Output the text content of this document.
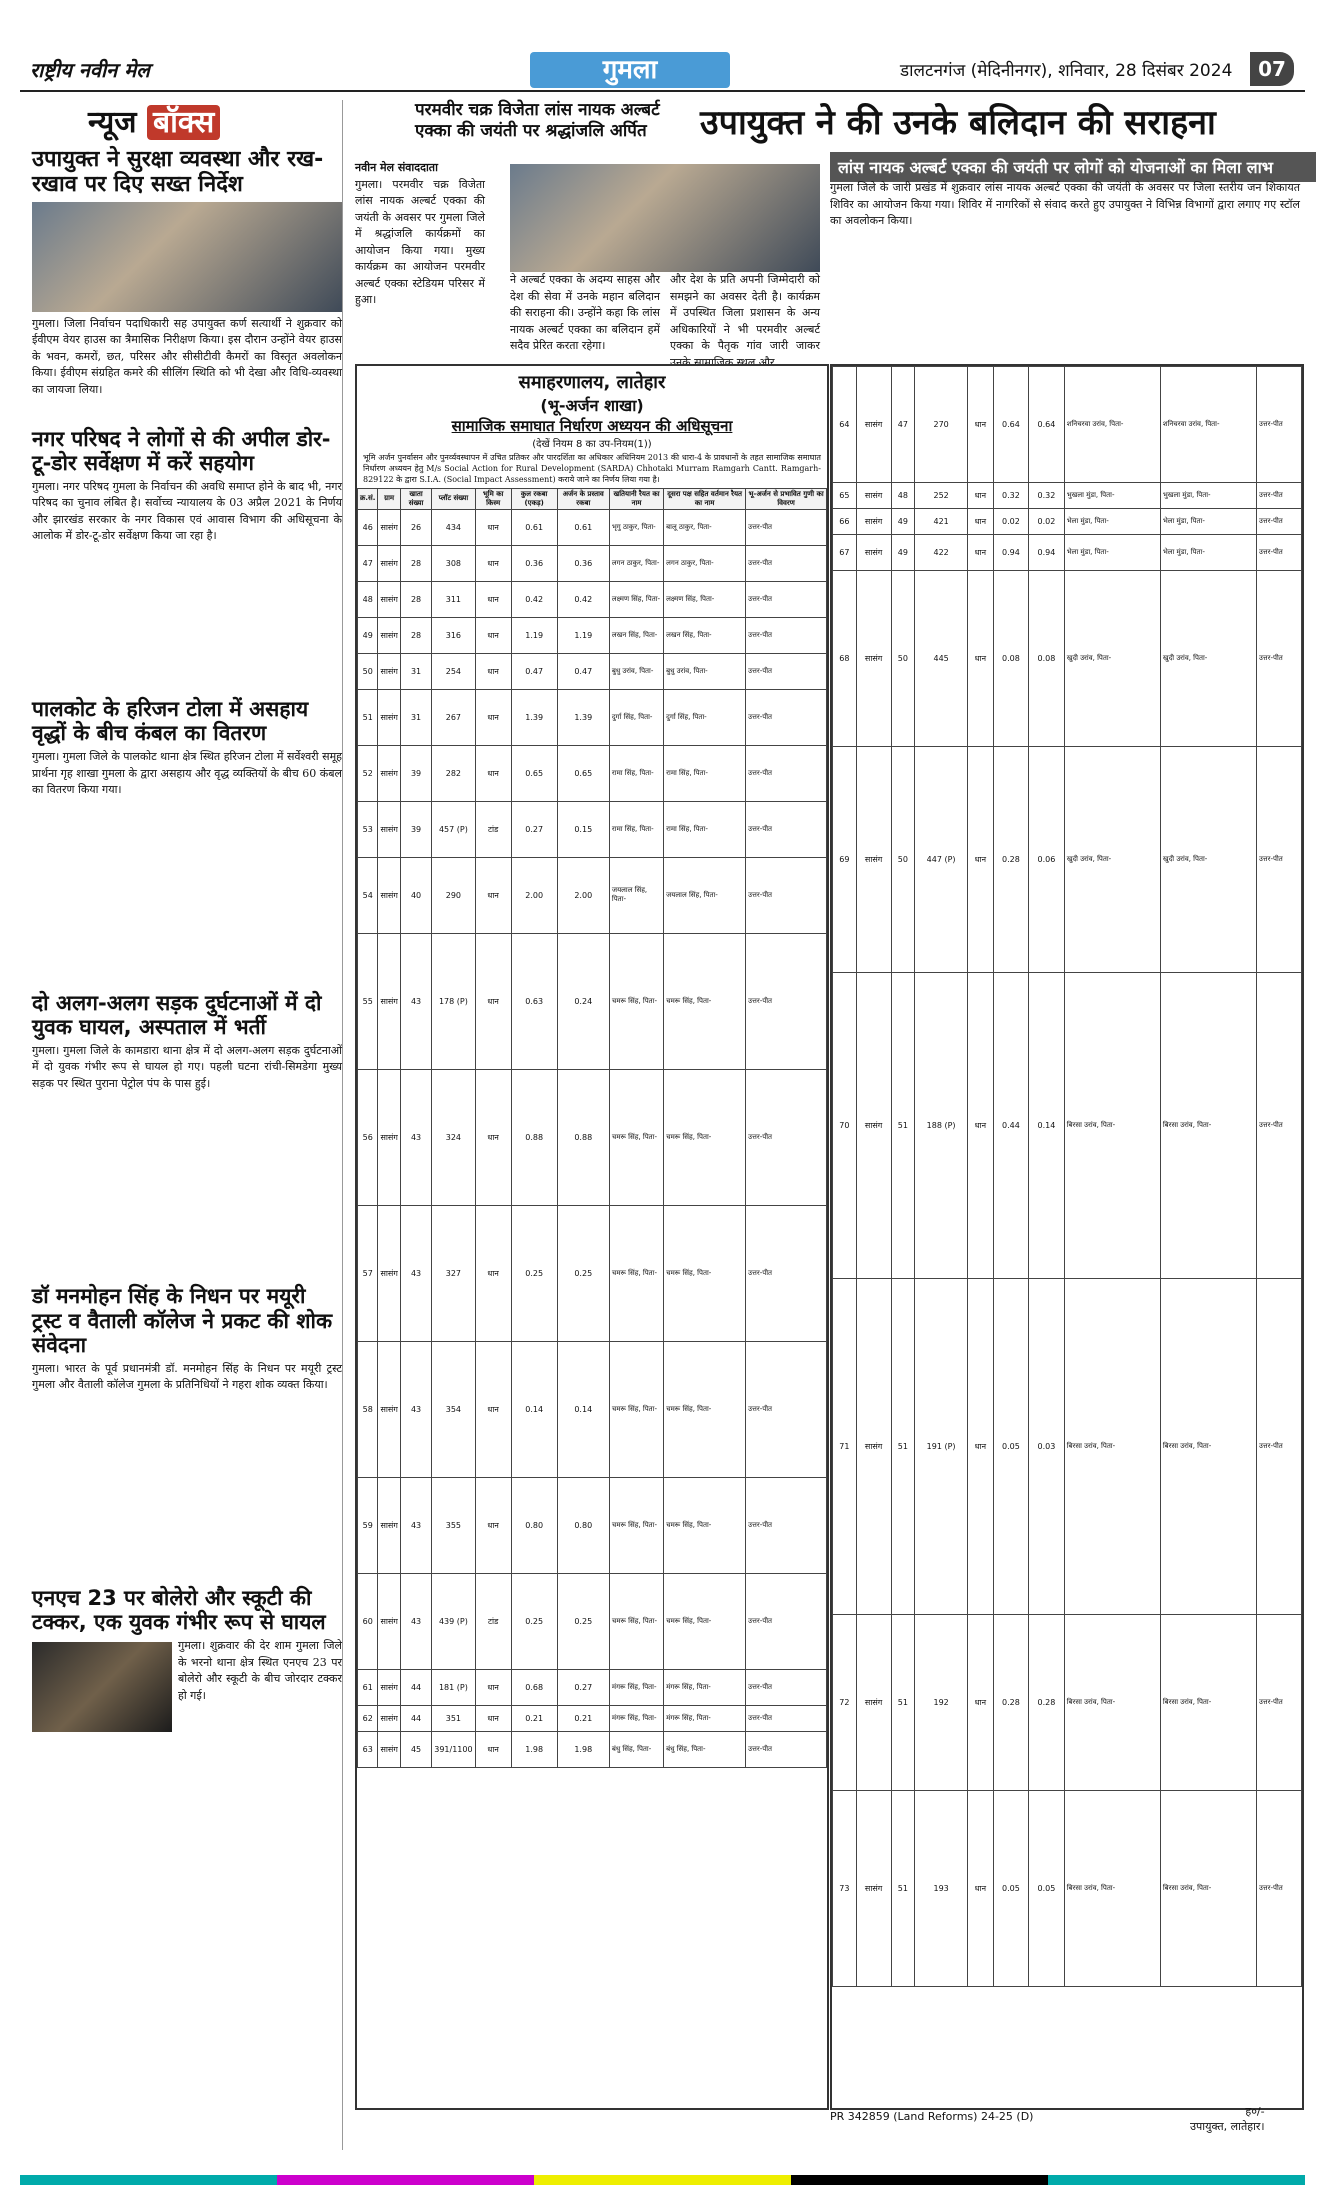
राष्ट्रीय नवीन मेल	गुमला	डालटनगंज (मेदिनीनगर), शनिवार, 28 दिसंबर 2024	07
न्यूज बॉक्स
उपायुक्त ने सुरक्षा व्यवस्था और रख-रखाव पर दिए सख्त निर्देश

गुमला। जिला निर्वाचन पदाधिकारी सह उपायुक्त कर्ण सत्यार्थी ने शुक्रवार को ईवीएम वेयर हाउस का त्रैमासिक निरीक्षण किया। इस दौरान उन्होंने वेयर हाउस के भवन, कमरों, छत, परिसर और सीसीटीवी कैमरों का विस्तृत अवलोकन किया। ईवीएम संग्रहित कमरे की सीलिंग स्थिति को भी देखा और विधि-व्यवस्था का जायजा लिया।

नगर परिषद ने लोगों से की अपील डोर-टू-डोर सर्वेक्षण में करें सहयोग

गुमला। नगर परिषद गुमला के निर्वाचन की अवधि समाप्त होने के बाद भी, नगर परिषद का चुनाव लंबित है। सर्वोच्च न्यायालय के 03 अप्रैल 2021 के निर्णय और झारखंड सरकार के नगर विकास एवं आवास विभाग की अधिसूचना के आलोक में डोर-टू-डोर सर्वेक्षण किया जा रहा है।

पालकोट के हरिजन टोला में असहाय वृद्धों के बीच कंबल का वितरण

गुमला। गुमला जिले के पालकोट थाना क्षेत्र स्थित हरिजन टोला में सर्वेश्वरी समूह प्रार्थना गृह शाखा गुमला के द्वारा असहाय और वृद्ध व्यक्तियों के बीच 60 कंबल का वितरण किया गया।

दो अलग-अलग सड़क दुर्घटनाओं में दो युवक घायल, अस्पताल में भर्ती

गुमला। गुमला जिले के कामडारा थाना क्षेत्र में दो अलग-अलग सड़क दुर्घटनाओं में दो युवक गंभीर रूप से घायल हो गए। पहली घटना रांची-सिमडेगा मुख्य सड़क पर स्थित पुराना पेट्रोल पंप के पास हुई।

डॉ मनमोहन सिंह के निधन पर मयूरी ट्रस्ट व वैताली कॉलेज ने प्रकट की शोक संवेदना

गुमला। भारत के पूर्व प्रधानमंत्री डॉ. मनमोहन सिंह के निधन पर मयूरी ट्रस्ट गुमला और वैताली कॉलेज गुमला के प्रतिनिधियों ने गहरा शोक व्यक्त किया।

एनएच 23 पर बोलेरो और स्कूटी की टक्कर, एक युवक गंभीर रूप से घायल

गुमला। शुक्रवार की देर शाम गुमला जिले के भरनो थाना क्षेत्र स्थित एनएच 23 पर बोलेरो और स्कूटी के बीच जोरदार टक्कर हो गई।

परमवीर चक्र विजेता लांस नायक अल्बर्ट एक्का की जयंती पर श्रद्धांजलि अर्पित	उपायुक्त ने की उनके बलिदान की सराहना
लांस नायक अल्बर्ट एक्का की जयंती पर लोगों को योजनाओं का मिला लाभ
नवीन मेल संवाददाता
गुमला। परमवीर चक्र विजेता लांस नायक अल्बर्ट एक्का की जयंती के अवसर पर गुमला जिले में श्रद्धांजलि कार्यक्रमों का आयोजन किया गया। मुख्य कार्यक्रम का आयोजन परमवीर अल्बर्ट एक्का स्टेडियम परिसर में हुआ।
ने अल्बर्ट एक्का के अदम्य साहस और देश की सेवा में उनके महान बलिदान की सराहना की। उन्होंने कहा कि लांस नायक अल्बर्ट एक्का का बलिदान हमें सदैव प्रेरित करता रहेगा।
और देश के प्रति अपनी जिम्मेदारी को समझने का अवसर देती है। कार्यक्रम में उपस्थित जिला प्रशासन के अन्य अधिकारियों ने भी परमवीर अल्बर्ट एक्का के पैतृक गांव जारी जाकर उनके सामाजिक स्थल और
गुमला जिले के जारी प्रखंड में शुक्रवार लांस नायक अल्बर्ट एक्का की जयंती के अवसर पर जिला स्तरीय जन शिकायत शिविर का आयोजन किया गया। शिविर में नागरिकों से संवाद करते हुए उपायुक्त ने विभिन्न विभागों द्वारा लगाए गए स्टॉल का अवलोकन किया।
समाहरणालय, लातेहार
(भू-अर्जन शाखा)
सामाजिक समाघात निर्धारण अध्ययन की अधिसूचना
(देखें नियम 8 का उप-नियम(1))
भूमि अर्जन पुनर्वासन और पुनर्व्यवस्थापन में उचित प्रतिकर और पारदर्शिता का अधिकार अधिनियम 2013 की धारा-4 के प्रावधानों के तहत सामाजिक समाघात निर्धारण अध्ययन हेतु M/s Social Action for Rural Development (SARDA) Chhotaki Murram Ramgarh Cantt. Ramgarh-829122 के द्वारा S.I.A. (Social Impact Assessment) कराये जाने का निर्णय लिया गया है।
क्र.सं.	ग्राम	खाता संख्या	प्लॉट संख्या	भूमि का किस्म	कुल रकबा (एकड़)	अर्जन के प्रस्ताव रकबा	खतियानी रैयत का नाम	दूसरा पक्ष सहित वर्तमान रैयत का नाम	भू-अर्जन से प्रभावित गुणी का विवरण
46	सासंग	26	434	धान	0.61	0.61	भृगु ठाकुर, पिता-	बालू ठाकुर, पिता-	उत्तर-पीत
47	सासंग	28	308	धान	0.36	0.36	लगन ठाकुर, पिता-	लगन ठाकुर, पिता-	उत्तर-पीत
48	सासंग	28	311	धान	0.42	0.42	लक्ष्मण सिंह, पिता-	लक्ष्मण सिंह, पिता-	उत्तर-पीत
49	सासंग	28	316	धान	1.19	1.19	लखन सिंह, पिता-	लखन सिंह, पिता-	उत्तर-पीत
50	सासंग	31	254	धान	0.47	0.47	बुधु उरांव, पिता-	बुधु उरांव, पिता-	उत्तर-पीत
51	सासंग	31	267	धान	1.39	1.39	दुर्गा सिंह, पिता-	दुर्गा सिंह, पिता-	उत्तर-पीत
52	सासंग	39	282	धान	0.65	0.65	रामा सिंह, पिता-	रामा सिंह, पिता-	उत्तर-पीत
53	सासंग	39	457 (P)	टांड	0.27	0.15	रामा सिंह, पिता-	रामा सिंह, पिता-	उत्तर-पीत
54	सासंग	40	290	धान	2.00	2.00	जयलाल सिंह, पिता-	जयलाल सिंह, पिता-	उत्तर-पीत
55	सासंग	43	178 (P)	धान	0.63	0.24	चमरू सिंह, पिता-	चमरू सिंह, पिता-	उत्तर-पीत
56	सासंग	43	324	धान	0.88	0.88	चमरू सिंह, पिता-	चमरू सिंह, पिता-	उत्तर-पीत
57	सासंग	43	327	धान	0.25	0.25	चमरू सिंह, पिता-	चमरू सिंह, पिता-	उत्तर-पीत
58	सासंग	43	354	धान	0.14	0.14	चमरू सिंह, पिता-	चमरू सिंह, पिता-	उत्तर-पीत
59	सासंग	43	355	धान	0.80	0.80	चमरू सिंह, पिता-	चमरू सिंह, पिता-	उत्तर-पीत
60	सासंग	43	439 (P)	टांड	0.25	0.25	चमरू सिंह, पिता-	चमरू सिंह, पिता-	उत्तर-पीत
61	सासंग	44	181 (P)	धान	0.68	0.27	मंगरू सिंह, पिता-	मंगरू सिंह, पिता-	उत्तर-पीत
62	सासंग	44	351	धान	0.21	0.21	मंगरू सिंह, पिता-	मंगरू सिंह, पिता-	उत्तर-पीत
63	सासंग	45	391/1100	धान	1.98	1.98	बंधु सिंह, पिता-	बंधु सिंह, पिता-	उत्तर-पीत
64	सासंग	47	270	धान	0.64	0.64	शनिचरवा उरांव, पिता-	शनिचरवा उरांव, पिता-	उत्तर-पीत
65	सासंग	48	252	धान	0.32	0.32	भुखला मुंडा, पिता-	भुखला मुंडा, पिता-	उत्तर-पीत
66	सासंग	49	421	धान	0.02	0.02	भेला मुंडा, पिता-	भेला मुंडा, पिता-	उत्तर-पीत
67	सासंग	49	422	धान	0.94	0.94	भेला मुंडा, पिता-	भेला मुंडा, पिता-	उत्तर-पीत
68	सासंग	50	445	धान	0.08	0.08	खुदी उरांव, पिता-	खुदी उरांव, पिता-	उत्तर-पीत
69	सासंग	50	447 (P)	धान	0.28	0.06	खुदी उरांव, पिता-	खुदी उरांव, पिता-	उत्तर-पीत
70	सासंग	51	188 (P)	धान	0.44	0.14	बिरसा उरांव, पिता-	बिरसा उरांव, पिता-	उत्तर-पीत
71	सासंग	51	191 (P)	धान	0.05	0.03	बिरसा उरांव, पिता-	बिरसा उरांव, पिता-	उत्तर-पीत
72	सासंग	51	192	धान	0.28	0.28	बिरसा उरांव, पिता-	बिरसा उरांव, पिता-	उत्तर-पीत
73	सासंग	51	193	धान	0.05	0.05	बिरसा उरांव, पिता-	बिरसा उरांव, पिता-	उत्तर-पीत
PR 342859 (Land Reforms) 24-25 (D)	ह०/-
उपायुक्त, लातेहार।
